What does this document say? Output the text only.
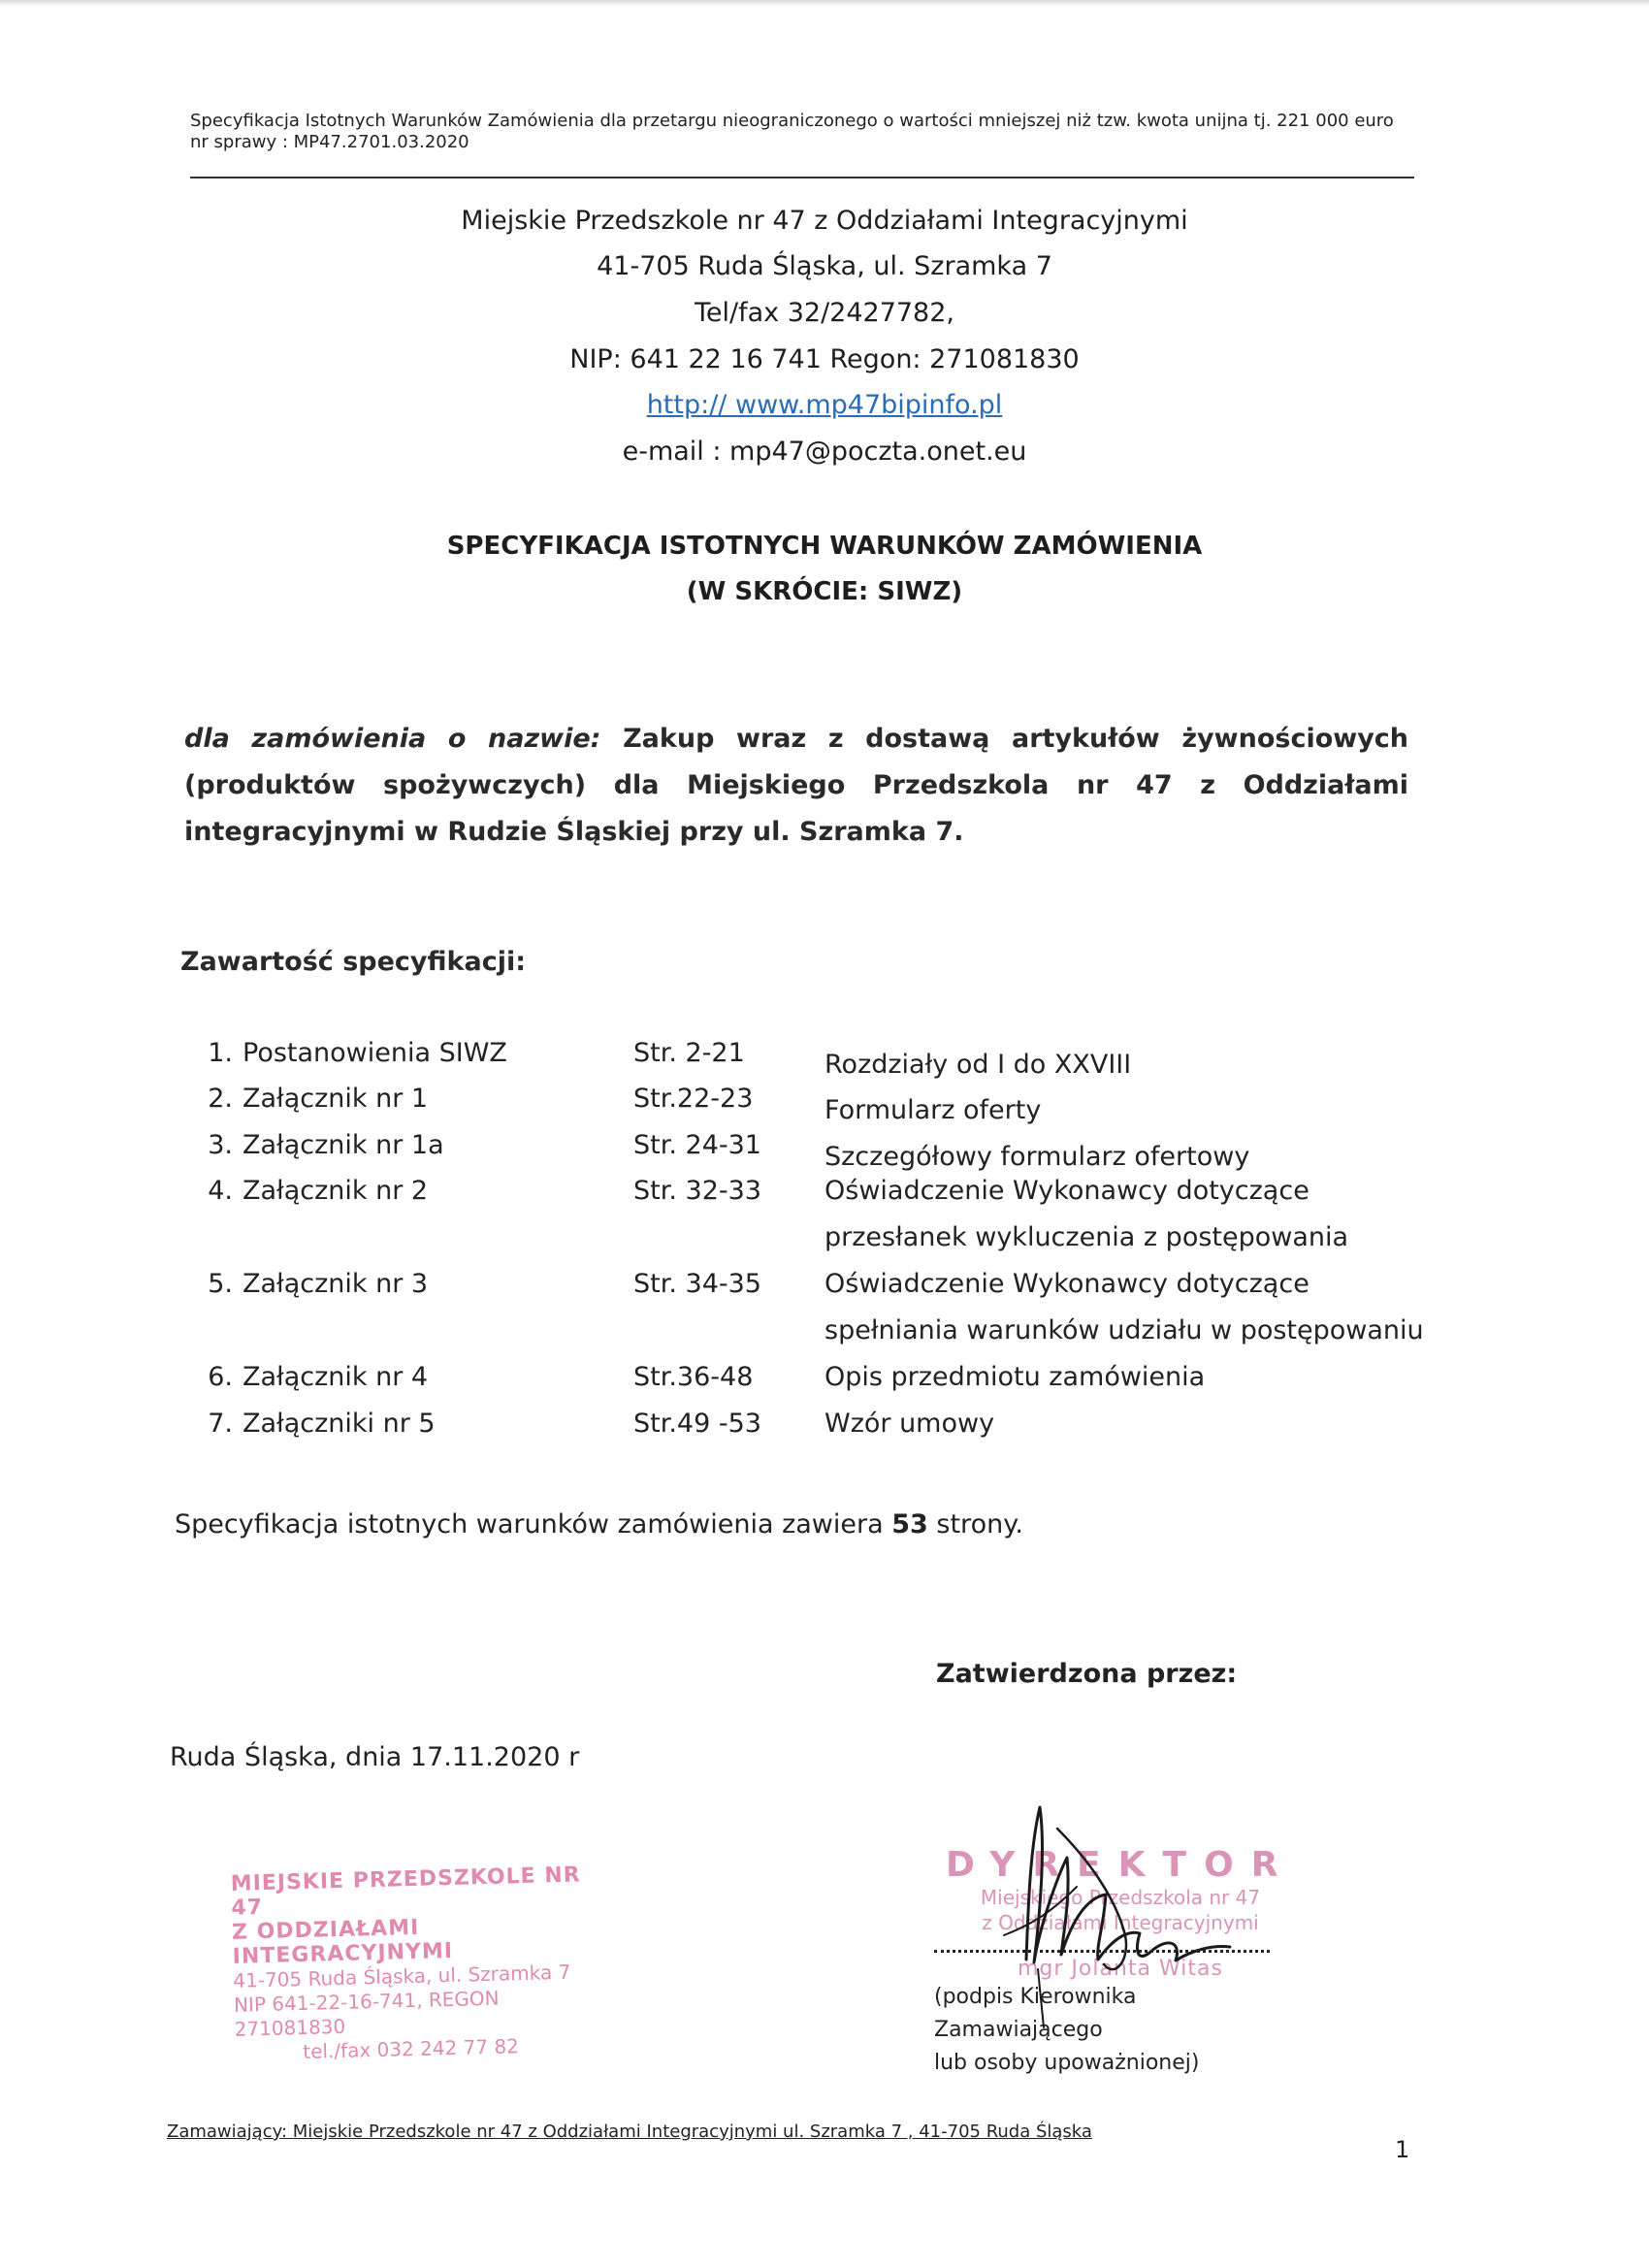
Specyfikacja Istotnych Warunków Zamówienia dla przetargu nieograniczonego o wartości mniejszej niż tzw. kwota unijna tj. 221 000 euro
nr sprawy : MP47.2701.03.2020
Miejskie Przedszkole nr 47 z Oddziałami Integracyjnymi
41-705 Ruda Śląska, ul. Szramka 7
Tel/fax 32/2427782,
NIP: 641 22 16 741 Regon: 271081830
http:// www.mp47bipinfo.pl
e-mail : mp47@poczta.onet.eu
SPECYFIKACJA ISTOTNYCH WARUNKÓW ZAMÓWIENIA
(W SKRÓCIE: SIWZ)
dla zamówienia o nazwie: Zakup wraz z dostawą artykułów żywnościowych (produktów spożywczych) dla Miejskiego Przedszkola nr 47 z Oddziałami integracyjnymi w Rudzie Śląskiej przy ul. Szramka 7.
Zawartość specyfikacji:
1. Postanowienia SIWZ	Str. 2-21	Rozdziały od I do XXVIII
2. Załącznik nr 1	Str.22-23	Formularz oferty
3. Załącznik nr 1a	Str. 24-31 Szczegółowy formularz ofertowy
4. Załącznik nr 2	Str. 32-33 Oświadczenie Wykonawcy dotyczące przesłanek wykluczenia z postępowania
5. Załącznik nr 3	Str. 34-35 Oświadczenie Wykonawcy dotyczące spełniania warunków udziału w postępowaniu
6. Załącznik nr 4	Str.36-48	Opis przedmiotu zamówienia
7. Załączniki nr 5	Str.49 -53 Wzór umowy
Specyfikacja istotnych warunków zamówienia zawiera 53 strony.
Zatwierdzona przez:
Ruda Śląska, dnia 17.11.2020 r
MIEJSKIE PRZEDSZKOLE NR 47
Z ODDZIAŁAMI INTEGRACYJNYMI
41-705 Ruda Śląska, ul. Szramka 7
NIP 641-22-16-741, REGON 271081830
tel./fax 032 242 77 82
DYREKTOR
Miejskiego Przedszkola nr 47
z Oddziałami Integracyjnymi
mgr Jolanta Witas
(podpis Kierownika Zamawiającego
lub osoby upoważnionej)
Zamawiający: Miejskie Przedszkole nr 47 z Oddziałami Integracyjnymi ul. Szramka 7 , 41-705 Ruda Śląska
1
